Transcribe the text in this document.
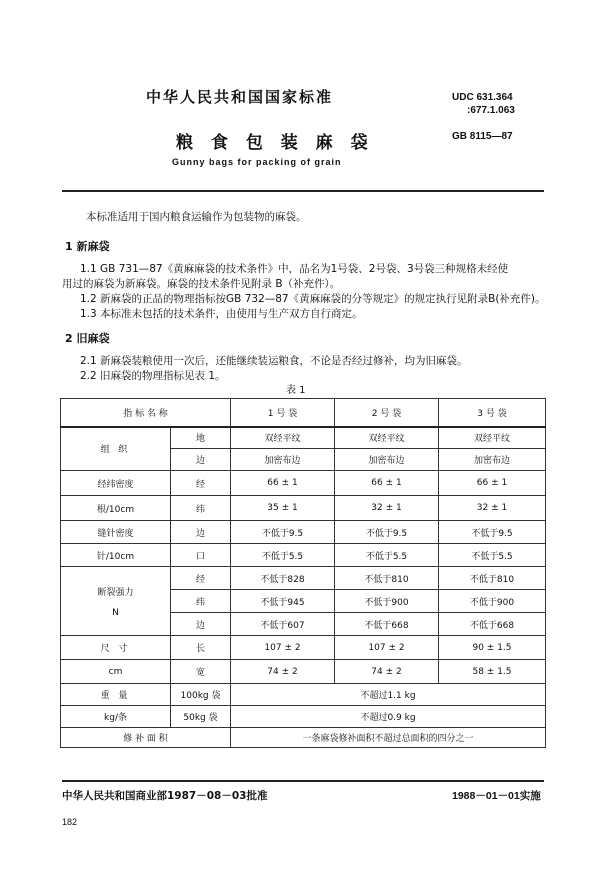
中华人民共和国国家标准	UDC 631.364
:677.1.063
GB 8115—87
粮 食 包 装 麻 袋
Gunny bags for packing of grain
本标准适用于国内粮食运输作为包装物的麻袋。
1 新麻袋
1.1 GB 731—87《黄麻麻袋的技术条件》中，品名为1号袋、2号袋、3号袋三种规格未经使
用过的麻袋为新麻袋。麻袋的技术条件见附录 B（补充件）。
1.2 新麻袋的正品的物理指标按GB 732—87《黄麻麻袋的分等规定》的规定执行见附录B(补充件)。
1.3 本标准未包括的技术条件，由使用与生产双方自行商定。
2 旧麻袋
2.1 新麻袋装粮使用一次后，还能继续装运粮食，不论是否经过修补，均为旧麻袋。
2.2 旧麻袋的物理指标见表 1。
表 1
指 标 名 称		1 号 袋	2 号 袋	3 号 袋
组 织	地	双经平纹	双经平纹	双经平纹
	边	加密布边	加密布边	加密布边
经纬密度	经	66 ± 1	66 ± 1	66 ± 1
根/10cm	纬	35 ± 1	32 ± 1	32 ± 1
缝针密度	边	不低于9.5	不低于9.5	不低于9.5
针/10cm	口	不低于5.5	不低于5.5	不低于5.5

断裂强力
N	经	不低于828	不低于810	不低于810
	纬	不低于945	不低于900	不低于900
	边	不低于607	不低于668	不低于668
尺 寸	长	107 ± 2	107 ± 2	90 ± 1.5
cm	宽	74 ± 2	74 ± 2	58 ± 1.5
重 量	100kg 袋	不超过1.1 kg		
kg/条	50kg 袋	不超过0.9 kg		
修 补 面 积		一条麻袋修补面积不超过总面积的四分之一		
中华人民共和国商业部1987－08－03批准	1988－01－01实施
182
